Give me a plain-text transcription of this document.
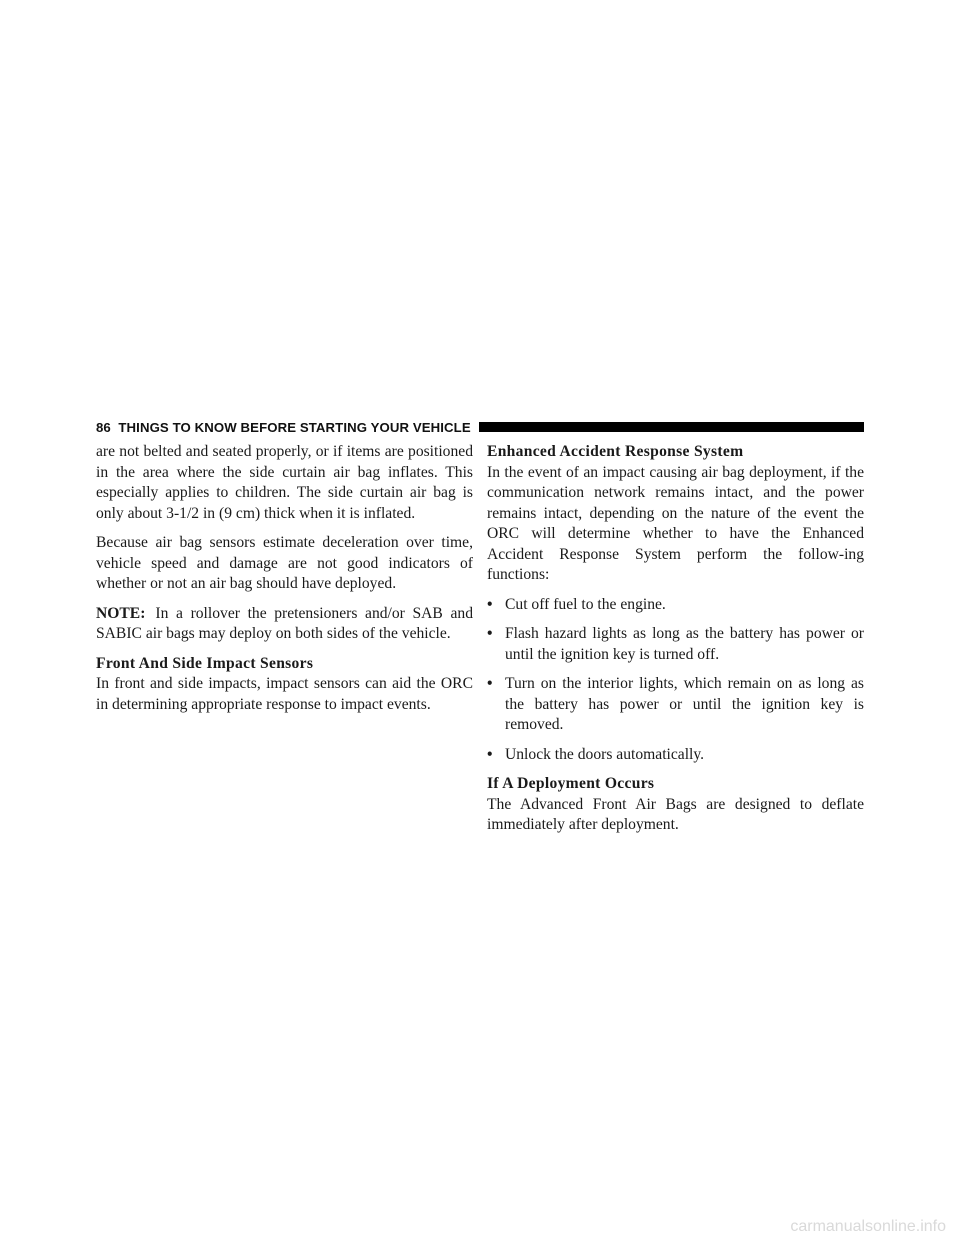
86 THINGS TO KNOW BEFORE STARTING YOUR VEHICLE

are not belted and seated properly, or if items are positioned in the area where the side curtain air bag inflates. This especially applies to children. The side curtain air bag is only about 3-1/2 in (9 cm) thick when it is inflated.

Because air bag sensors estimate deceleration over time, vehicle speed and damage are not good indicators of whether or not an air bag should have deployed.

NOTE: In a rollover the pretensioners and/or SAB and SABIC air bags may deploy on both sides of the vehicle.

Front And Side Impact Sensors

In front and side impacts, impact sensors can aid the ORC in determining appropriate response to impact events.

Enhanced Accident Response System

In the event of an impact causing air bag deployment, if the communication network remains intact, and the power remains intact, depending on the nature of the event the ORC will determine whether to have the Enhanced Accident Response System perform the follow-ing functions:

• Cut off fuel to the engine.
• Flash hazard lights as long as the battery has power or until the ignition key is turned off.
• Turn on the interior lights, which remain on as long as the battery has power or until the ignition key is removed.
• Unlock the doors automatically.
If A Deployment Occurs

The Advanced Front Air Bags are designed to deflate immediately after deployment.

carmanualsonline.info
